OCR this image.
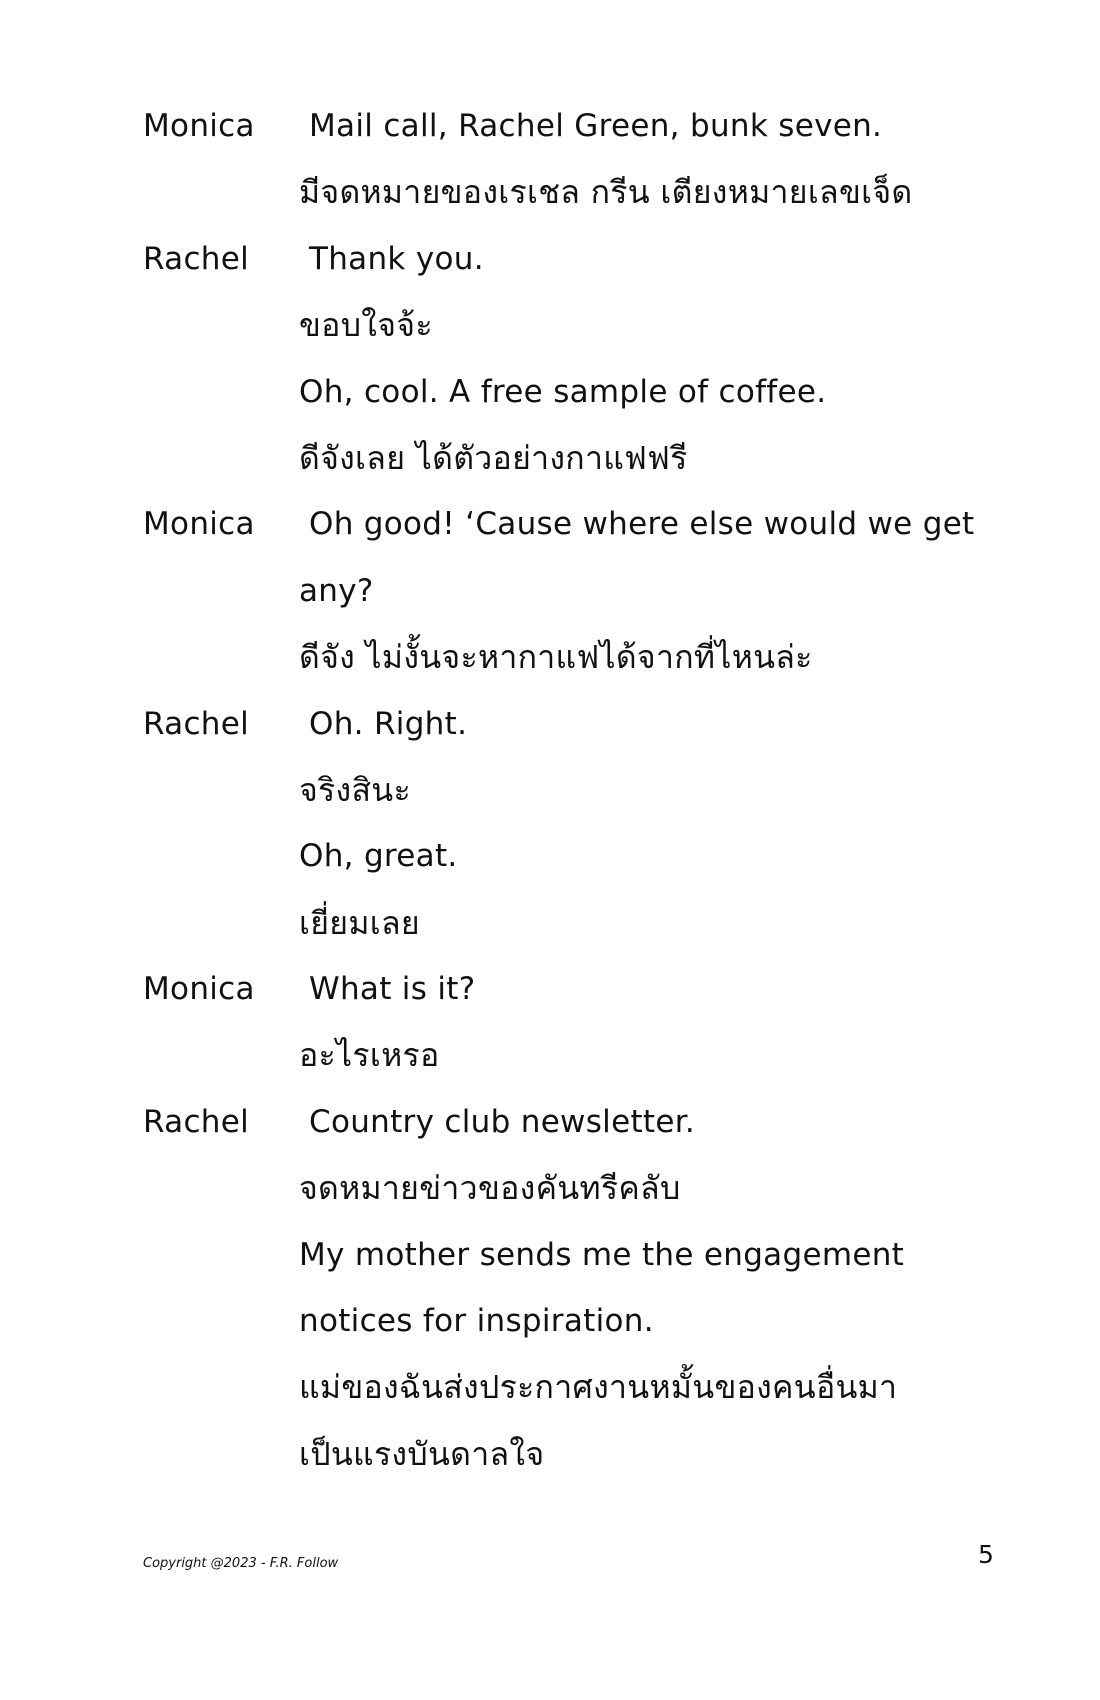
Monica Mail call, Rachel Green, bunk seven.
มีจดหมายของเรเชล กรีน เตียงหมายเลขเจ็ด
Rachel Thank you.
ขอบใจจ้ะ
Oh, cool. A free sample of coffee.
ดีจังเลย ได้ตัวอย่างกาแฟฟรี
Monica Oh good! ‘Cause where else would we get
any?
ดีจัง ไม่งั้นจะหากาแฟได้จากที่ไหนล่ะ
Rachel Oh. Right.
จริงสินะ
Oh, great.
เยี่ยมเลย
Monica What is it?
อะไรเหรอ
Rachel Country club newsletter.
จดหมายข่าวของคันทรีคลับ
My mother sends me the engagement
notices for inspiration.
แม่ของฉันส่งประกาศงานหมั้นของคนอื่นมา
เป็นแรงบันดาลใจ
Copyright @2023 - F.R. Follow	5
